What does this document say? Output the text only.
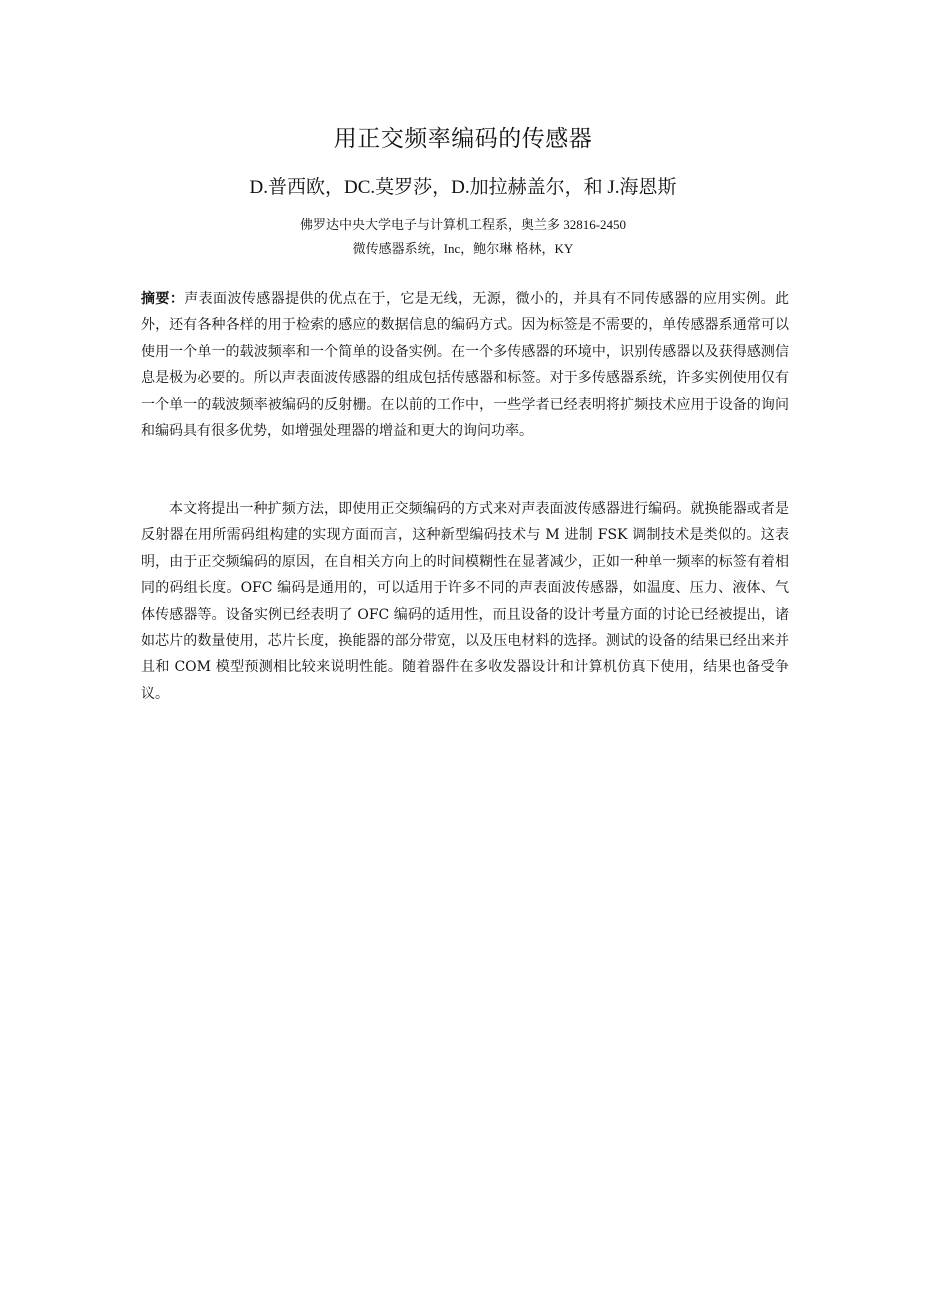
用正交频率编码的传感器
D.普西欧，DC.莫罗莎，D.加拉赫盖尔，和 J.海恩斯
佛罗达中央大学电子与计算机工程系，奥兰多 32816-2450
微传感器系统，Inc，鲍尔琳 格林，KY
摘要：声表面波传感器提供的优点在于，它是无线，无源，微小的，并具有不同传感器的应用实例。此外，还有各种各样的用于检索的感应的数据信息的编码方式。因为标签是不需要的，单传感器系通常可以使用一个单一的载波频率和一个简单的设备实例。在一个多传感器的环境中，识别传感器以及获得感测信息是极为必要的。所以声表面波传感器的组成包括传感器和标签。对于多传感器系统，许多实例使用仅有一个单一的载波频率被编码的反射栅。在以前的工作中，一些学者已经表明将扩频技术应用于设备的询问和编码具有很多优势，如增强处理器的增益和更大的询问功率。
本文将提出一种扩频方法，即使用正交频编码的方式来对声表面波传感器进行编码。就换能器或者是反射器在用所需码组构建的实现方面而言，这种新型编码技术与 M 进制 FSK 调制技术是类似的。这表明，由于正交频编码的原因，在自相关方向上的时间模糊性在显著减少，正如一种单一频率的标签有着相同的码组长度。OFC 编码是通用的，可以适用于许多不同的声表面波传感器，如温度、压力、液体、气体传感器等。设备实例已经表明了 OFC 编码的适用性，而且设备的设计考量方面的讨论已经被提出，诸如芯片的数量使用，芯片长度，换能器的部分带宽，以及压电材料的选择。测试的设备的结果已经出来并且和 COM 模型预测相比较来说明性能。随着器件在多收发器设计和计算机仿真下使用，结果也备受争议。
